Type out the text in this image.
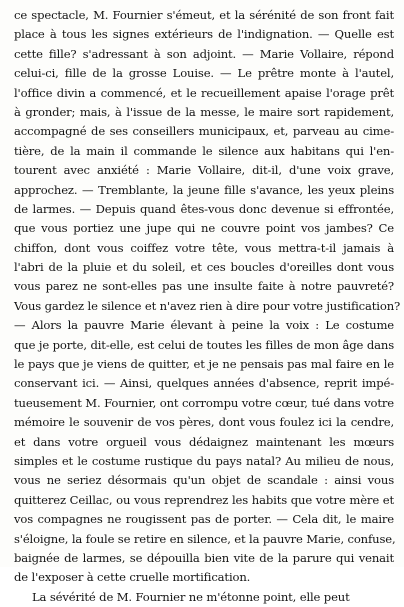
ce spectacle, M. Fournier s'émeut, et la sérénité de son front fait
place à tous les signes extérieurs de l'indignation. — Quelle est
cette fille? s'adressant à son adjoint. — Marie Vollaire, répond
celui-ci, fille de la grosse Louise. — Le prêtre monte à l'autel,
l'office divin a commencé, et le recueillement apaise l'orage prêt
à gronder; mais, à l'issue de la messe, le maire sort rapidement,
accompagné de ses conseillers municipaux, et, parveau au cime-
tière, de la main il commande le silence aux habitans qui l'en-
tourent avec anxiété : Marie Vollaire, dit-il, d'une voix grave,
approchez. — Tremblante, la jeune fille s'avance, les yeux pleins
de larmes. — Depuis quand êtes-vous donc devenue si effrontée,
que vous portiez une jupe qui ne couvre point vos jambes? Ce
chiffon, dont vous coiffez votre tête, vous mettra-t-il jamais à
l'abri de la pluie et du soleil, et ces boucles d'oreilles dont vous
vous parez ne sont-elles pas une insulte faite à notre pauvreté?
Vous gardez le silence et n'avez rien à dire pour votre justification?
— Alors la pauvre Marie élevant à peine la voix : Le costume
que je porte, dit-elle, est celui de toutes les filles de mon âge dans
le pays que je viens de quitter, et je ne pensais pas mal faire en le
conservant ici. — Ainsi, quelques années d'absence, reprit impé-
tueusement M. Fournier, ont corrompu votre cœur, tué dans votre
mémoire le souvenir de vos pères, dont vous foulez ici la cendre,
et dans votre orgueil vous dédaignez maintenant les mœurs
simples et le costume rustique du pays natal? Au milieu de nous,
vous ne seriez désormais qu'un objet de scandale : ainsi vous
quitterez Ceillac, ou vous reprendrez les habits que votre mère et
vos compagnes ne rougissent pas de porter. — Cela dit, le maire
s'éloigne, la foule se retire en silence, et la pauvre Marie, confuse,
baignée de larmes, se dépouilla bien vite de la parure qui venait
de l'exposer à cette cruelle mortification.
La sévérité de M. Fournier ne m'étonne point, elle peut
